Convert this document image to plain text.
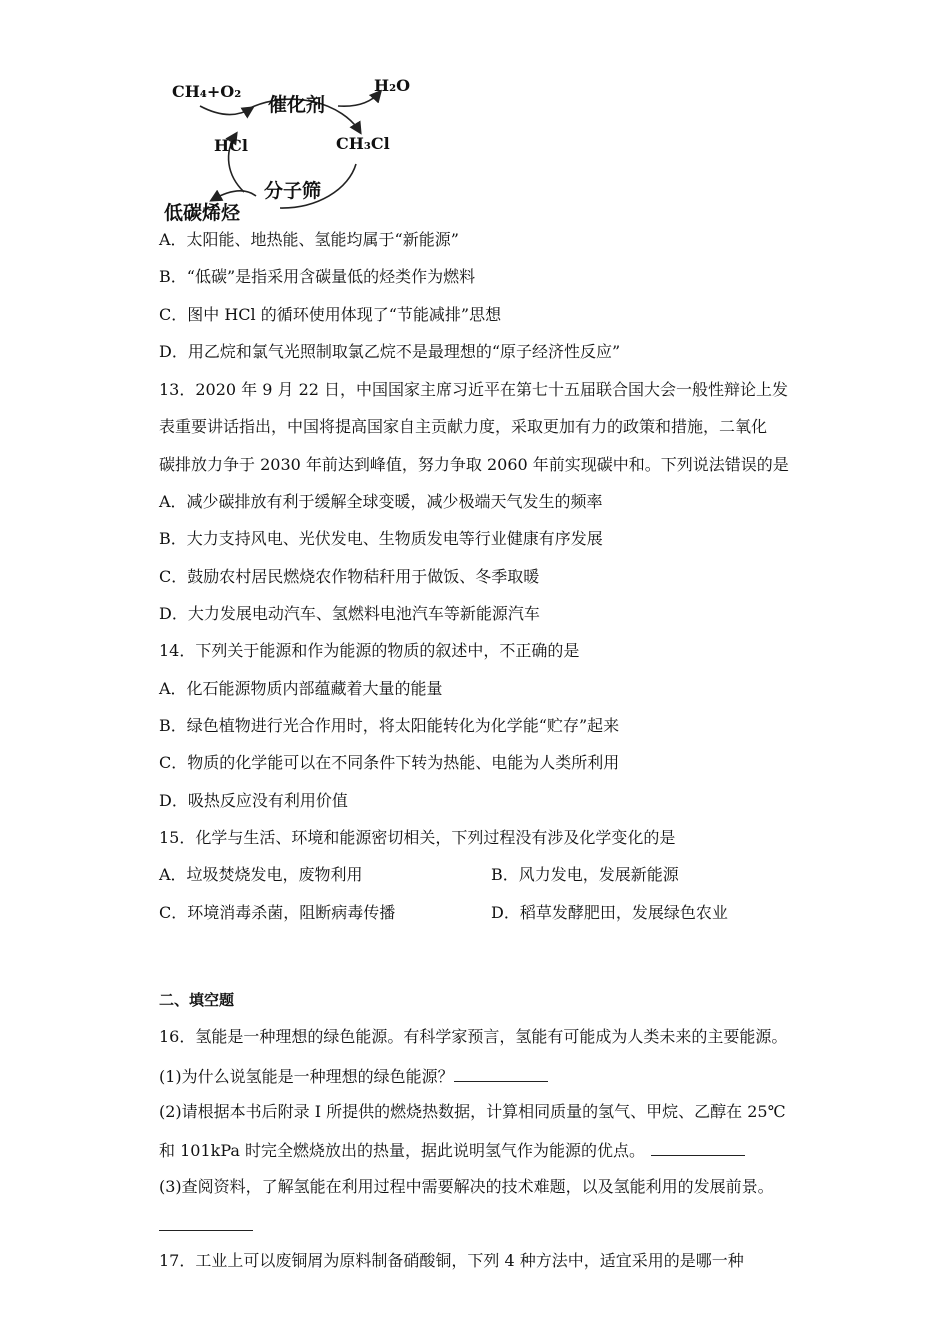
CH₄+O₂
催化剂
H₂O
HCl	CH₃Cl
分子筛
低碳烯烃
A．太阳能、地热能、氢能均属于“新能源”
B．“低碳”是指采用含碳量低的烃类作为燃料
C．图中 HCl 的循环使用体现了“节能减排”思想
D．用乙烷和氯气光照制取氯乙烷不是最理想的“原子经济性反应”
13．2020 年 9 月 22 日，中国国家主席习近平在第七十五届联合国大会一般性辩论上发
表重要讲话指出，中国将提高国家自主贡献力度，采取更加有力的政策和措施，二氧化
碳排放力争于 2030 年前达到峰值，努力争取 2060 年前实现碳中和。下列说法错误的是
A．减少碳排放有利于缓解全球变暖，减少极端天气发生的频率
B．大力支持风电、光伏发电、生物质发电等行业健康有序发展
C．鼓励农村居民燃烧农作物秸秆用于做饭、冬季取暖
D．大力发展电动汽车、氢燃料电池汽车等新能源汽车
14．下列关于能源和作为能源的物质的叙述中，不正确的是
A．化石能源物质内部蕴藏着大量的能量
B．绿色植物进行光合作用时，将太阳能转化为化学能“贮存”起来
C．物质的化学能可以在不同条件下转为热能、电能为人类所利用
D．吸热反应没有利用价值
15．化学与生活、环境和能源密切相关，下列过程没有涉及化学变化的是
A．垃圾焚烧发电，废物利用	B．风力发电，发展新能源
C．环境消毒杀菌，阻断病毒传播	D．稻草发酵肥田，发展绿色农业
二、填空题
16．氢能是一种理想的绿色能源。有科学家预言，氢能有可能成为人类未来的主要能源。
(1)为什么说氢能是一种理想的绿色能源？
(2)请根据本书后附录 I 所提供的燃烧热数据，计算相同质量的氢气、甲烷、乙醇在 25℃
和 101kPa 时完全燃烧放出的热量，据此说明氢气作为能源的优点。
(3)查阅资料，了解氢能在利用过程中需要解决的技术难题，以及氢能利用的发展前景。
17．工业上可以废铜屑为原料制备硝酸铜，下列 4 种方法中，适宜采用的是哪一种
